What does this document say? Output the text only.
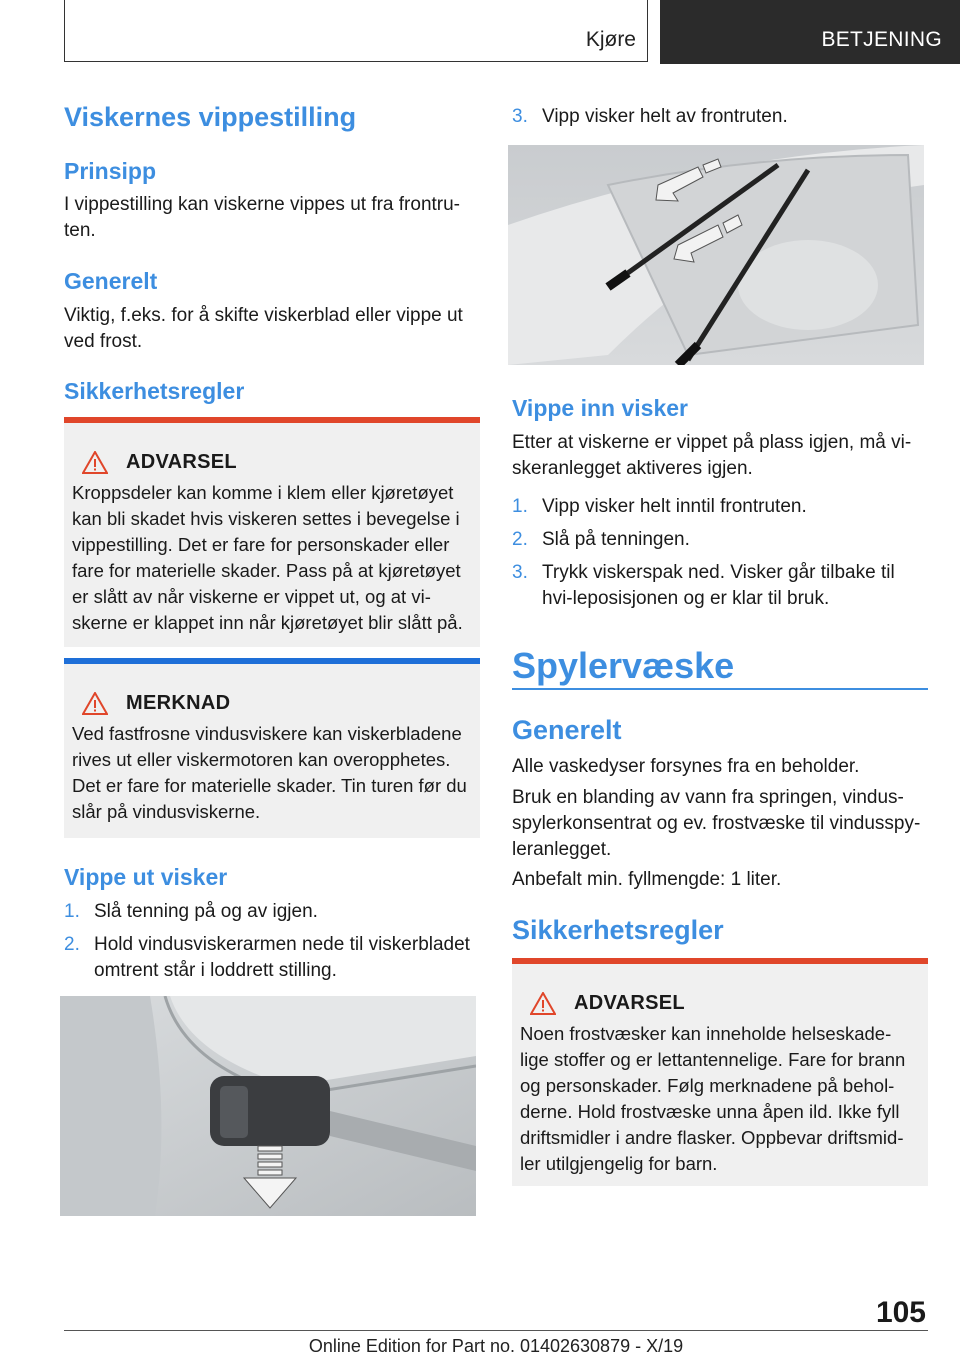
Kjøre	BETJENING
Viskernes vippestilling
Prinsipp

I vippestilling kan viskerne vippes ut fra frontru-ten.

Generelt

Viktig, f.eks. for å skifte viskerblad eller vippe ut ved frost.

Sikkerhetsregler
ADVARSEL

Kroppsdeler kan komme i klem eller kjøretøyet kan bli skadet hvis viskeren settes i bevegelse i vippestilling. Det er fare for personskader eller fare for materielle skader. Pass på at kjøretøyet er slått av når viskerne er vippet ut, og at vi-skerne er klappet inn når kjøretøyet blir slått på.

MERKNAD

Ved fastfrosne vindusviskere kan viskerbladene rives ut eller viskermotoren kan overopphetes. Det er fare for materielle skader. Tin turen før du slår på vindusviskerne.

Vippe ut visker
1. Slå tenning på og av igjen.
2. Hold vindusviskerarmen nede til viskerbladet omtrent står i loddrett stilling.
3. Vipp visker helt av frontruten.
Vippe inn visker

Etter at viskerne er vippet på plass igjen, må vi-skeranlegget aktiveres igjen.

1. Vipp visker helt inntil frontruten.
2. Slå på tenningen.
3. Trykk viskerspak ned. Visker går tilbake til hvi-leposisjonen og er klar til bruk.
Spylervæske
Generelt

Alle vaskedyser forsynes fra en beholder.

Bruk en blanding av vann fra springen, vindus-spylerkonsentrat og ev. frostvæske til vindusspy-leranlegget.

Anbefalt min. fyllmengde: 1 liter.

Sikkerhetsregler
ADVARSEL

Noen frostvæsker kan inneholde helseskade-lige stoffer og er lettantennelige. Fare for brann og personskader. Følg merknadene på behol-derne. Hold frostvæske unna åpen ild. Ikke fyll driftsmidler i andre flasker. Oppbevar driftsmid-ler utilgjengelig for barn.

105
Online Edition for Part no. 01402630879 - X/19
